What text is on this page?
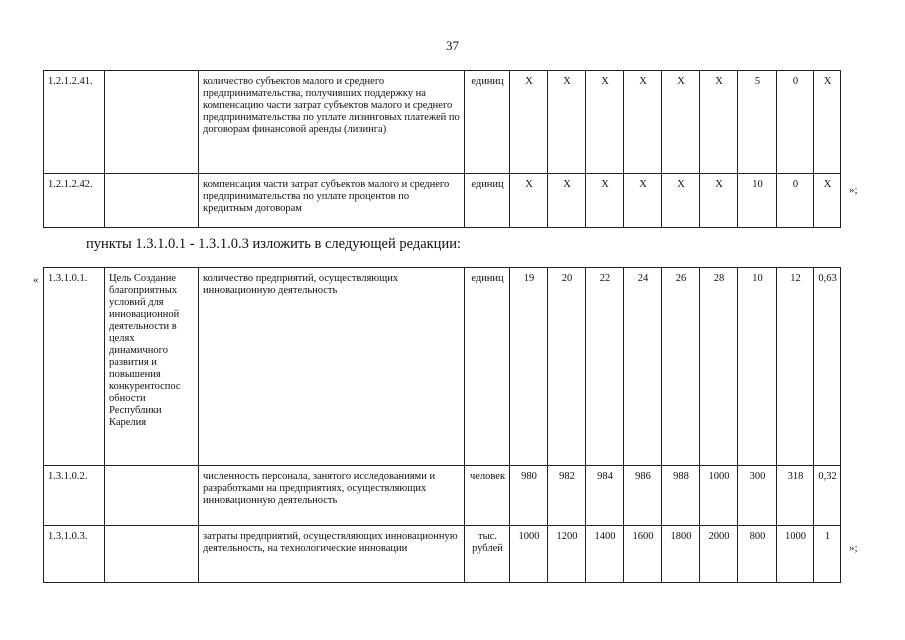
37
1.2.1.2.41.		количество субъектов малого и среднего предпринимательства, получивших поддержку на компенсацию части затрат субъектов малого и среднего предпринимательства по уплате лизинговых платежей по договорам финансовой аренды (лизинга)	единиц	X	X	X	X	X	X	5	0	X
1.2.1.2.42.		компенсация части затрат субъектов малого и среднего предпринимательства по уплате процентов по кредитным договорам	единиц	X	X	X	X	X	X	10	0	X »;
пункты 1.3.1.0.1 - 1.3.1.0.3 изложить в следующей редакции:
« 1.3.1.0.1.	Цель Создание благоприятных условий для инновационной деятельности в целях динамичного развития и повышения конкурентоспос обности Республики Карелия	количество предприятий, осуществляющих инновационную деятельность	единиц	19	20	22	24	26	28	10	12	0,63
1.3.1.0.2.		численность персонала, занятого исследованиями и разработками на предприятиях, осуществляющих инновационную деятельность	человек	980	982	984	986	988	1000	300	318	0,32
1.3.1.0.3.		затраты предприятий, осуществляющих инновационную деятельность, на технологические инновации	тыс. рублей	1000	1200	1400	1600	1800	2000	800	1000	1
»;
